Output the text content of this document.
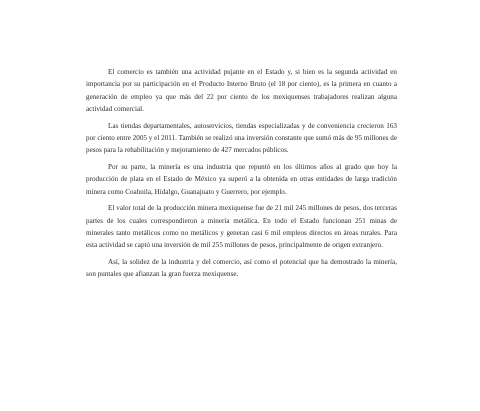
El comercio es también una actividad pujante en el Estado y, si bien es la segunda actividad en importancia por su participación en el Producto Interno Bruto (el 18 por ciento), es la primera en cuanto a generación de empleo ya que más del 22 por ciento de los mexiquenses trabajadores realizan alguna actividad comercial.

Las tiendas departamentales, autoservicios, tiendas especializadas y de conveniencia crecieron 163 por ciento entre 2005 y el 2011. También se realizó una inversión constante que sumó más de 95 millones de pesos para la rehabilitación y mejoramiento de 427 mercados públicos.

Por su parte, la minería es una industria que repuntó en los últimos años al grado que hoy la producción de plata en el Estado de México ya superó a la obtenida en otras entidades de larga tradición minera como Coahuila, Hidalgo, Guanajuato y Guerrero, por ejemplo.

El valor total de la producción minera mexiquense fue de 21 mil 245 millones de pesos, dos terceras partes de los cuales correspondieron a minería metálica. En todo el Estado funcionan 251 minas de minerales tanto metálicos como no metálicos y generan casi 6 mil empleos directos en áreas rurales. Para esta actividad se captó una inversión de mil 255 millones de pesos, principalmente de origen extranjero.

Así, la solidez de la industria y del comercio, así como el potencial que ha demostrado la minería, son puntales que afianzan la gran fuerza mexiquense.
